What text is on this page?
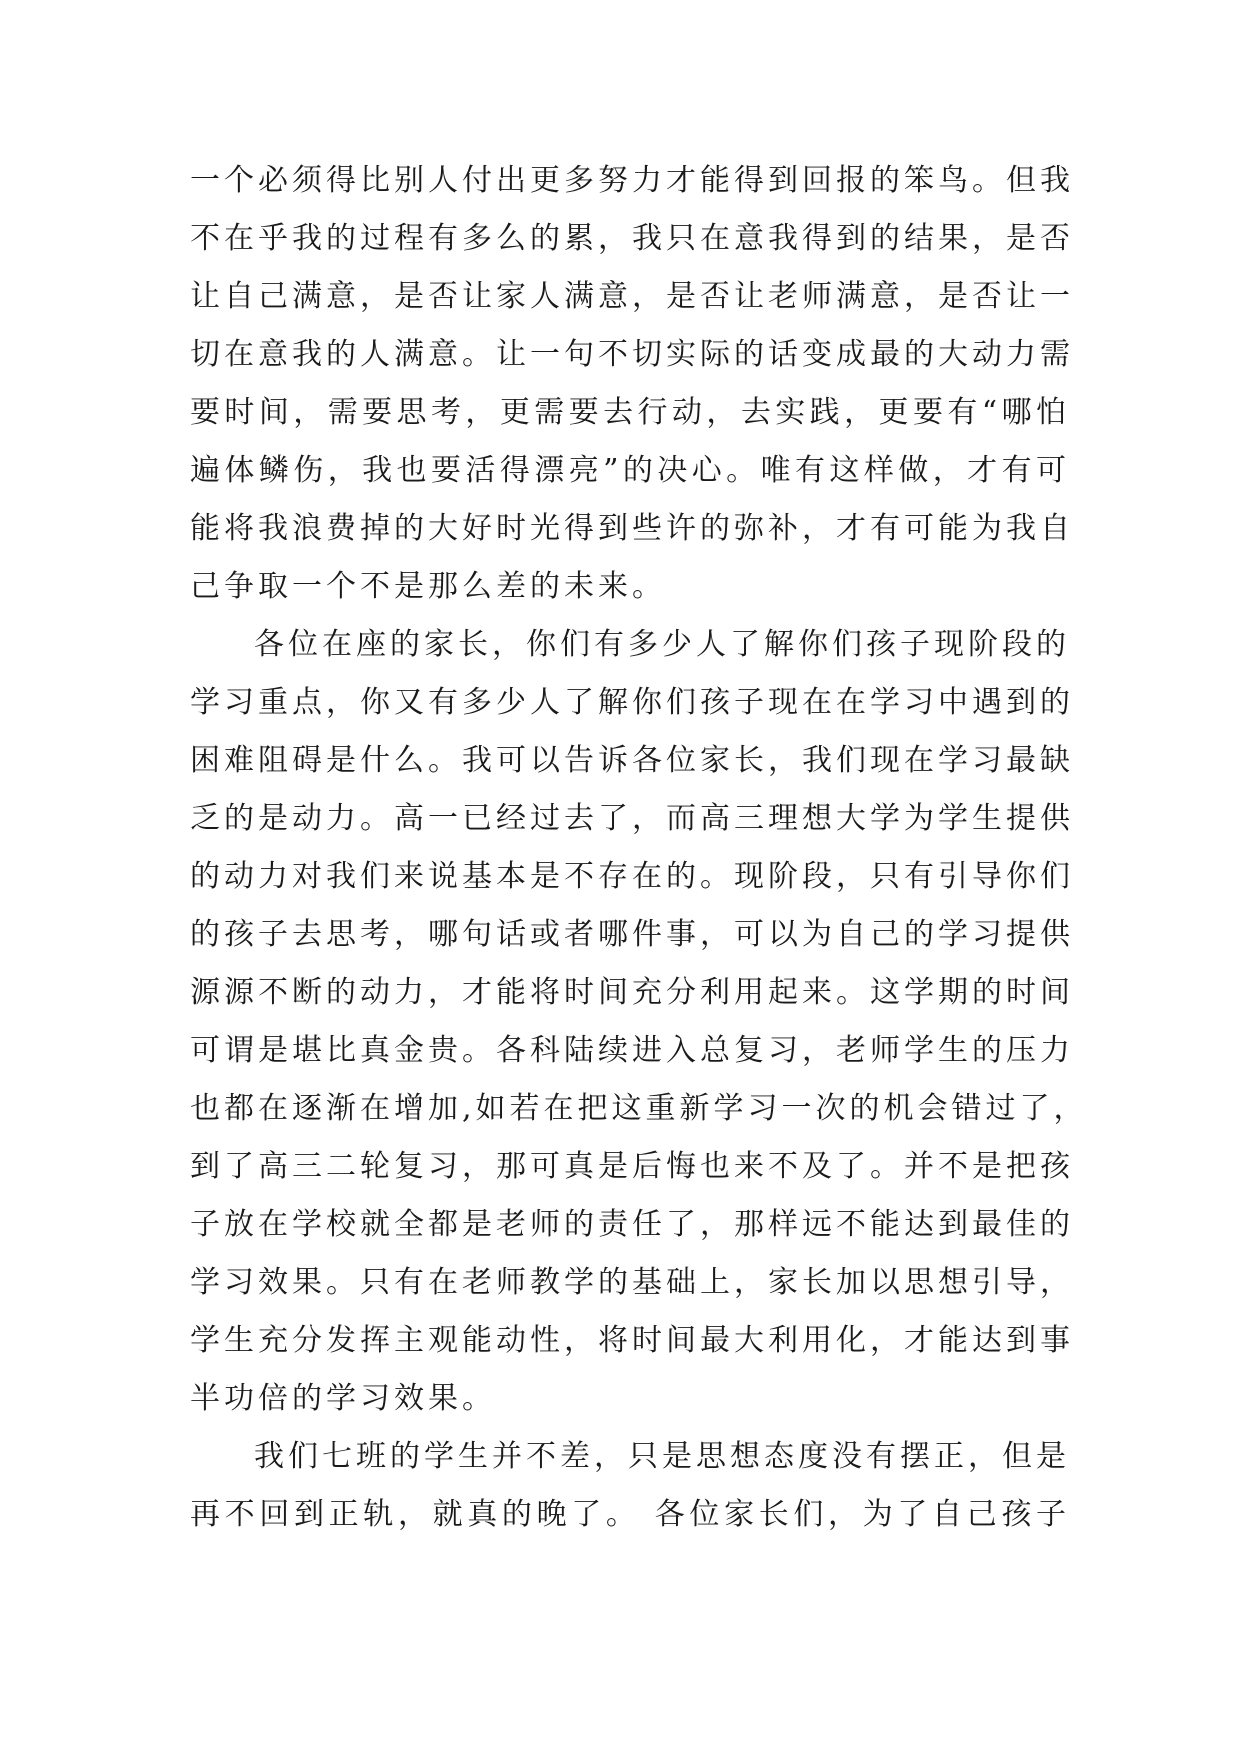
一个必须得比别人付出更多努力才能得到回报的笨鸟。但我
不在乎我的过程有多么的累，我只在意我得到的结果，是否
让自己满意，是否让家人满意，是否让老师满意，是否让一
切在意我的人满意。让一句不切实际的话变成最的大动力需
要时间，需要思考，更需要去行动，去实践，更要有“哪怕
遍体鳞伤，我也要活得漂亮”的决心。唯有这样做，才有可
能将我浪费掉的大好时光得到些许的弥补，才有可能为我自
己争取一个不是那么差的未来。
各位在座的家长，你们有多少人了解你们孩子现阶段的
学习重点，你又有多少人了解你们孩子现在在学习中遇到的
困难阻碍是什么。我可以告诉各位家长，我们现在学习最缺
乏的是动力。高一已经过去了，而高三理想大学为学生提供
的动力对我们来说基本是不存在的。现阶段，只有引导你们
的孩子去思考，哪句话或者哪件事，可以为自己的学习提供
源源不断的动力，才能将时间充分利用起来。这学期的时间
可谓是堪比真金贵。各科陆续进入总复习，老师学生的压力
也都在逐渐在增加,如若在把这重新学习一次的机会错过了，
到了高三二轮复习，那可真是后悔也来不及了。并不是把孩
子放在学校就全都是老师的责任了，那样远不能达到最佳的
学习效果。只有在老师教学的基础上，家长加以思想引导，
学生充分发挥主观能动性，将时间最大利用化，才能达到事
半功倍的学习效果。
我们七班的学生并不差，只是思想态度没有摆正，但是
再不回到正轨，就真的晚了。 各位家长们，为了自己孩子
